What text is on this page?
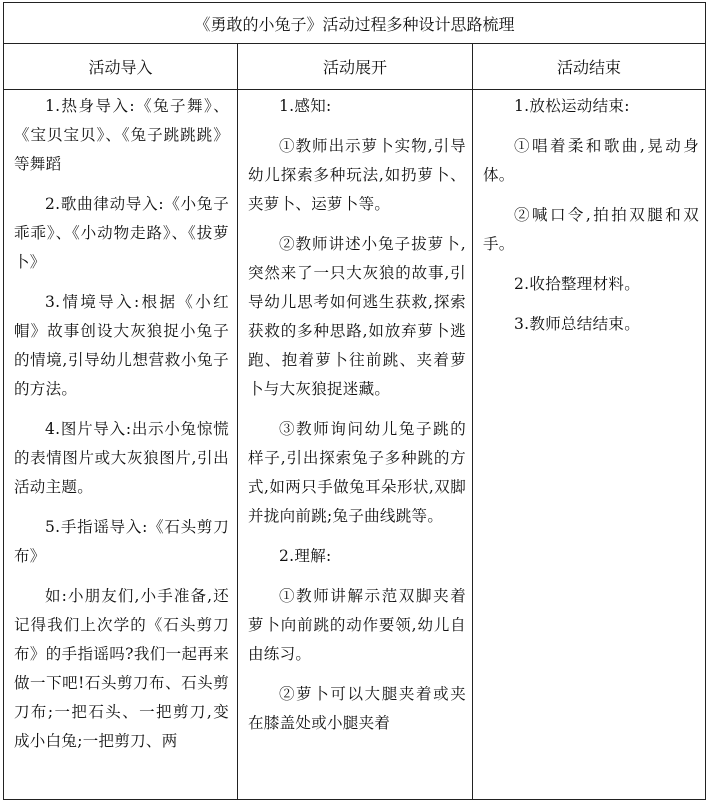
《勇敢的小兔子》活动过程多种设计思路梳理
活动导入	活动展开	活动结束

1.热身导入:《兔子舞》、《宝贝宝贝》、《兔子跳跳跳》等舞蹈

2.歌曲律动导入:《小兔子乖乖》、《小动物走路》、《拔萝卜》

3.情境导入:根据《小红帽》故事创设大灰狼捉小兔子的情境,引导幼儿想营救小兔子的方法。

4.图片导入:出示小兔惊慌的表情图片或大灰狼图片,引出活动主题。

5.手指谣导入:《石头剪刀布》

如:小朋友们,小手准备,还记得我们上次学的《石头剪刀布》的手指谣吗?我们一起再来做一下吧!石头剪刀布、石头剪刀布;一把石头、一把剪刀,变成小白兔;一把剪刀、两

1.感知:

①教师出示萝卜实物,引导幼儿探索多种玩法,如扔萝卜、夹萝卜、运萝卜等。

②教师讲述小兔子拔萝卜,突然来了一只大灰狼的故事,引导幼儿思考如何逃生获救,探索获救的多种思路,如放弃萝卜逃跑、抱着萝卜往前跳、夹着萝卜与大灰狼捉迷藏。

③教师询问幼儿兔子跳的样子,引出探索兔子多种跳的方式,如两只手做兔耳朵形状,双脚并拢向前跳;兔子曲线跳等。

2.理解:

①教师讲解示范双脚夹着萝卜向前跳的动作要领,幼儿自由练习。

②萝卜可以大腿夹着或夹在膝盖处或小腿夹着

1.放松运动结束:

①唱着柔和歌曲,晃动身体。

②喊口令,拍拍双腿和双手。

2.收拾整理材料。

3.教师总结结束。
